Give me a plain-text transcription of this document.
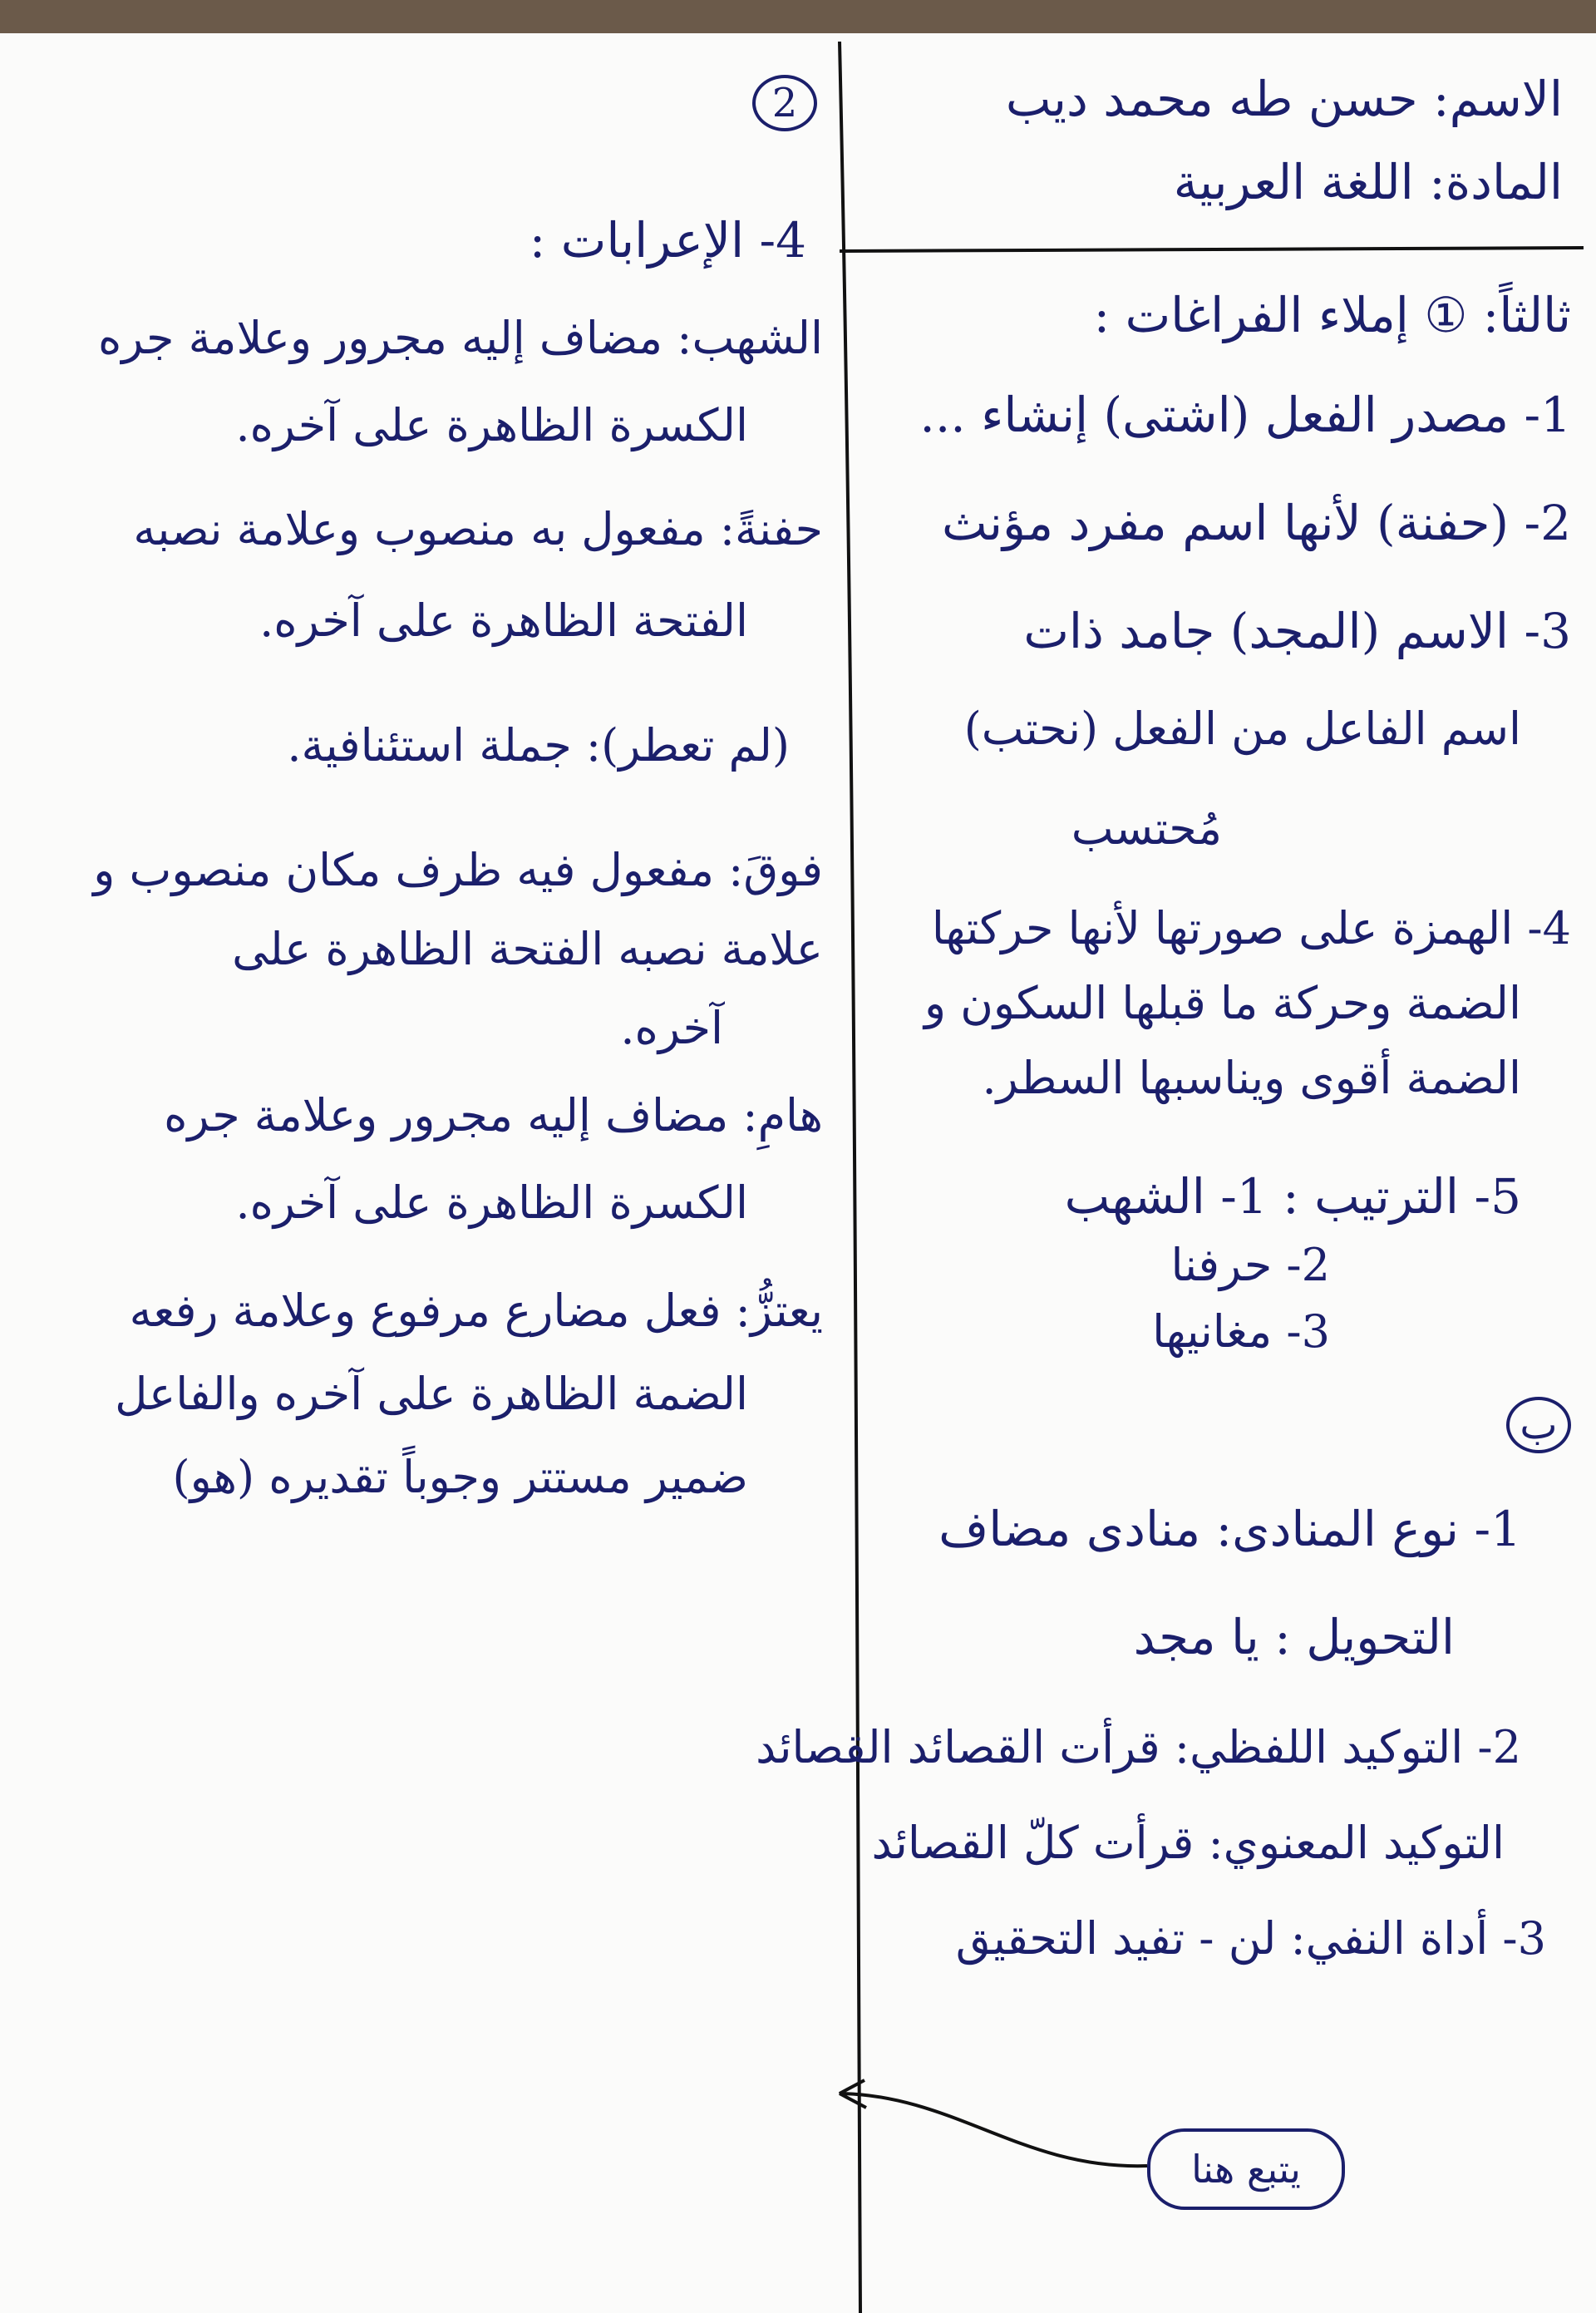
الاسم: حسن طه محمد ديب
المادة: اللغة العربية
2
ثالثاً: ① إملاء الفراغات :
1- مصدر الفعل (اشتى) إنشاء ...
2- (حفنة) لأنها اسم مفرد مؤنث
3- الاسم (المجد) جامد ذات
اسم الفاعل من الفعل (نحتب)
مُحتسب
4- الهمزة على صورتها لأنها حركتها
الضمة وحركة ما قبلها السكون و
الضمة أقوى ويناسبها السطر.
5- الترتيب : 1- الشهب
2- حرفنا
3- مغانيها
ب
1- نوع المنادى: منادى مضاف
التحويل : يا مجد
2- التوكيد اللفظي: قرأت القصائد القصائد
التوكيد المعنوي: قرأت كلّ القصائد
3- أداة النفي: لن - تفيد التحقيق
يتبع هنا
4- الإعرابات :
الشهب: مضاف إليه مجرور وعلامة جره
الكسرة الظاهرة على آخره.
حفنةً: مفعول به منصوب وعلامة نصبه
الفتحة الظاهرة على آخره.
(لم تعطر): جملة استئنافية.
فوقَ: مفعول فيه ظرف مكان منصوب و
علامة نصبه الفتحة الظاهرة على
آخره.
هامِ: مضاف إليه مجرور وعلامة جره
الكسرة الظاهرة على آخره.
يعتزُّ: فعل مضارع مرفوع وعلامة رفعه
الضمة الظاهرة على آخره والفاعل
ضمير مستتر وجوباً تقديره (هو)
